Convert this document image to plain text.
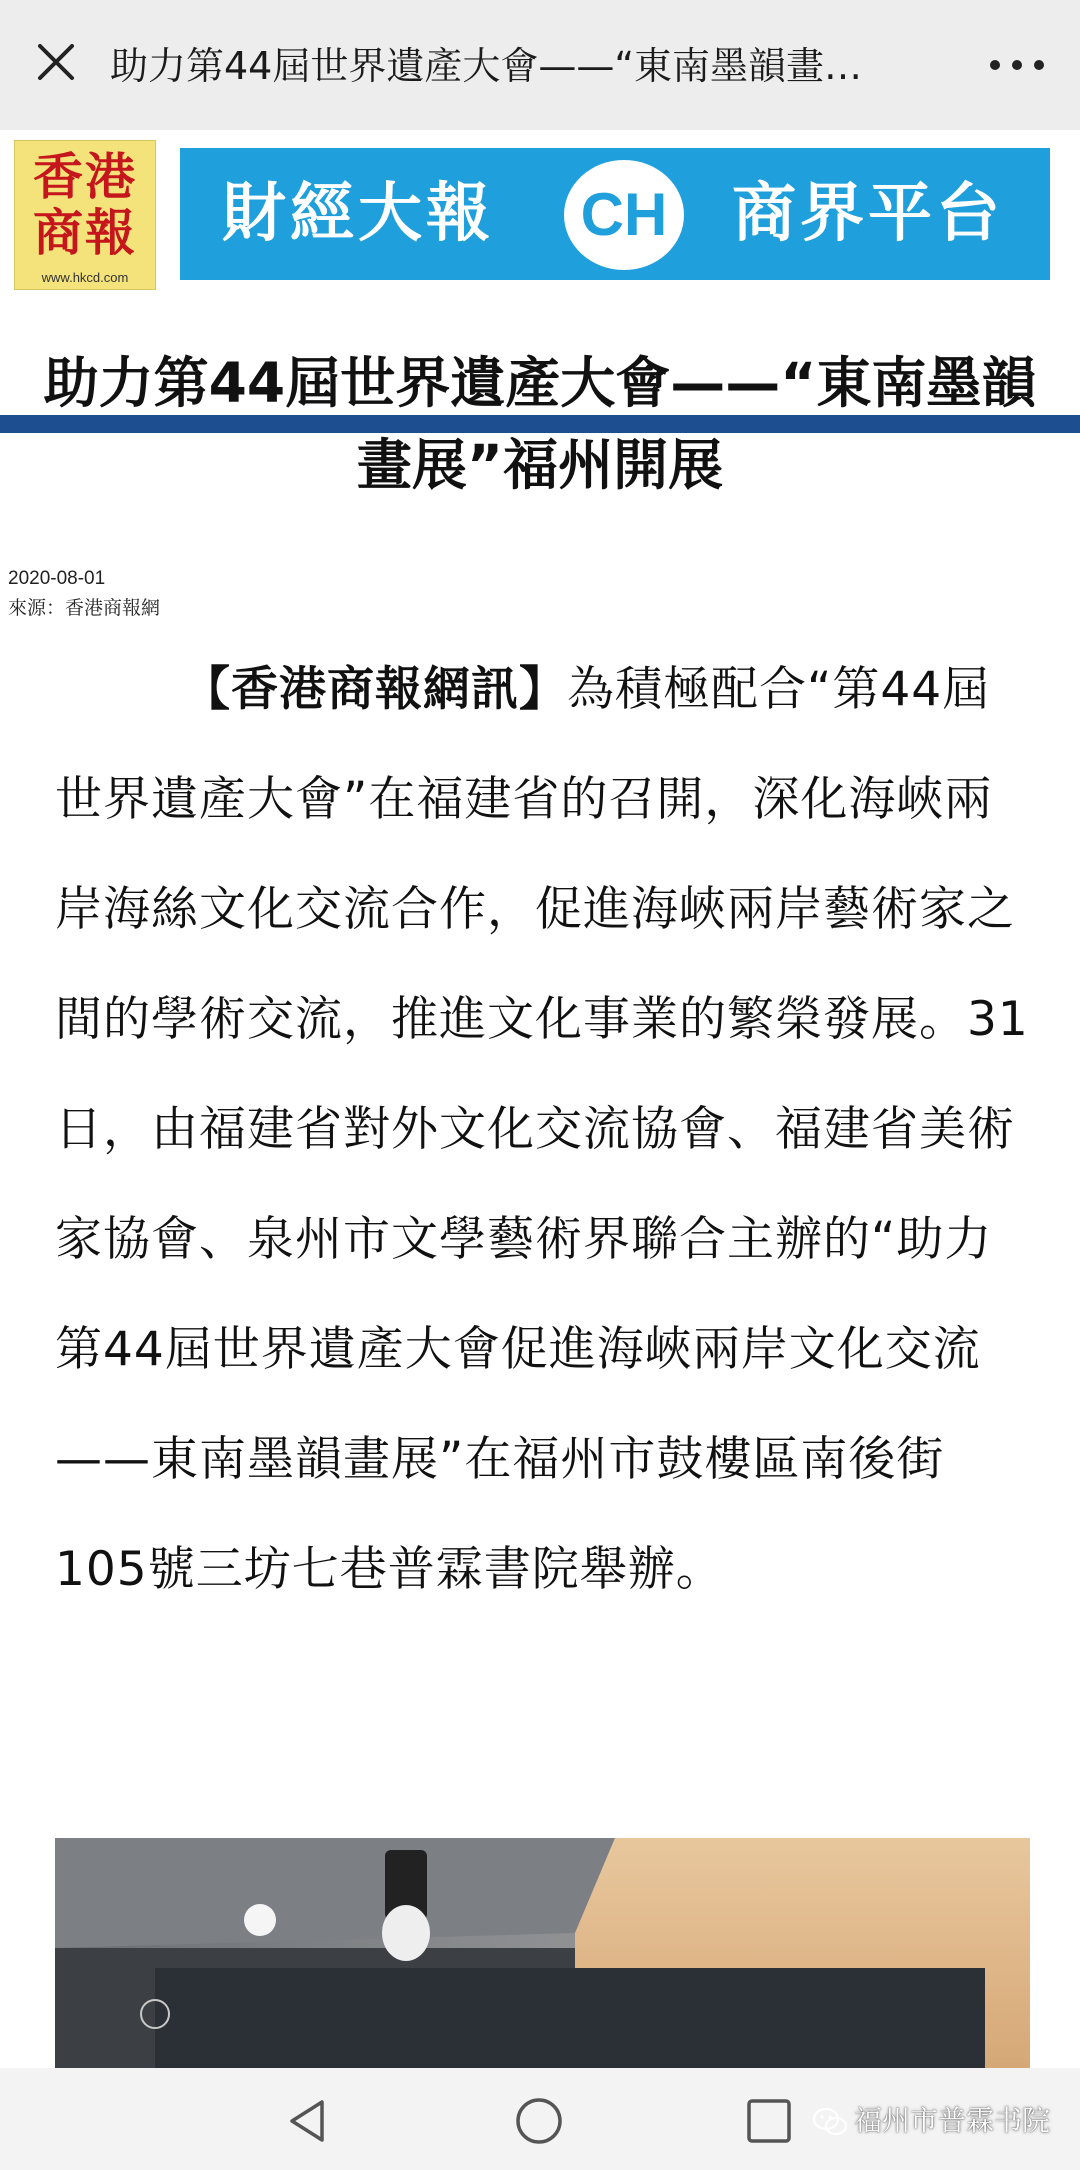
助力第44屆世界遺產大會——“東南墨韻畫…
香港商報
www.hkcd.com
財經大報 CH 商界平台
助力第44屆世界遺產大會——“東南墨韻畫展”福州開展
2020-08-01
來源：香港商報網
【香港商報網訊】為積極配合“第44屆世界遺產大會”在福建省的召開，深化海峽兩岸海絲文化交流合作，促進海峽兩岸藝術家之間的學術交流，推進文化事業的繁榮發展。31日，由福建省對外文化交流協會、福建省美術家協會、泉州市文學藝術界聯合主辦的“助力第44屆世界遺產大會促進海峽兩岸文化交流——東南墨韻畫展”在福州市鼓樓區南後街105號三坊七巷普霖書院舉辦。
福州市普霖书院
